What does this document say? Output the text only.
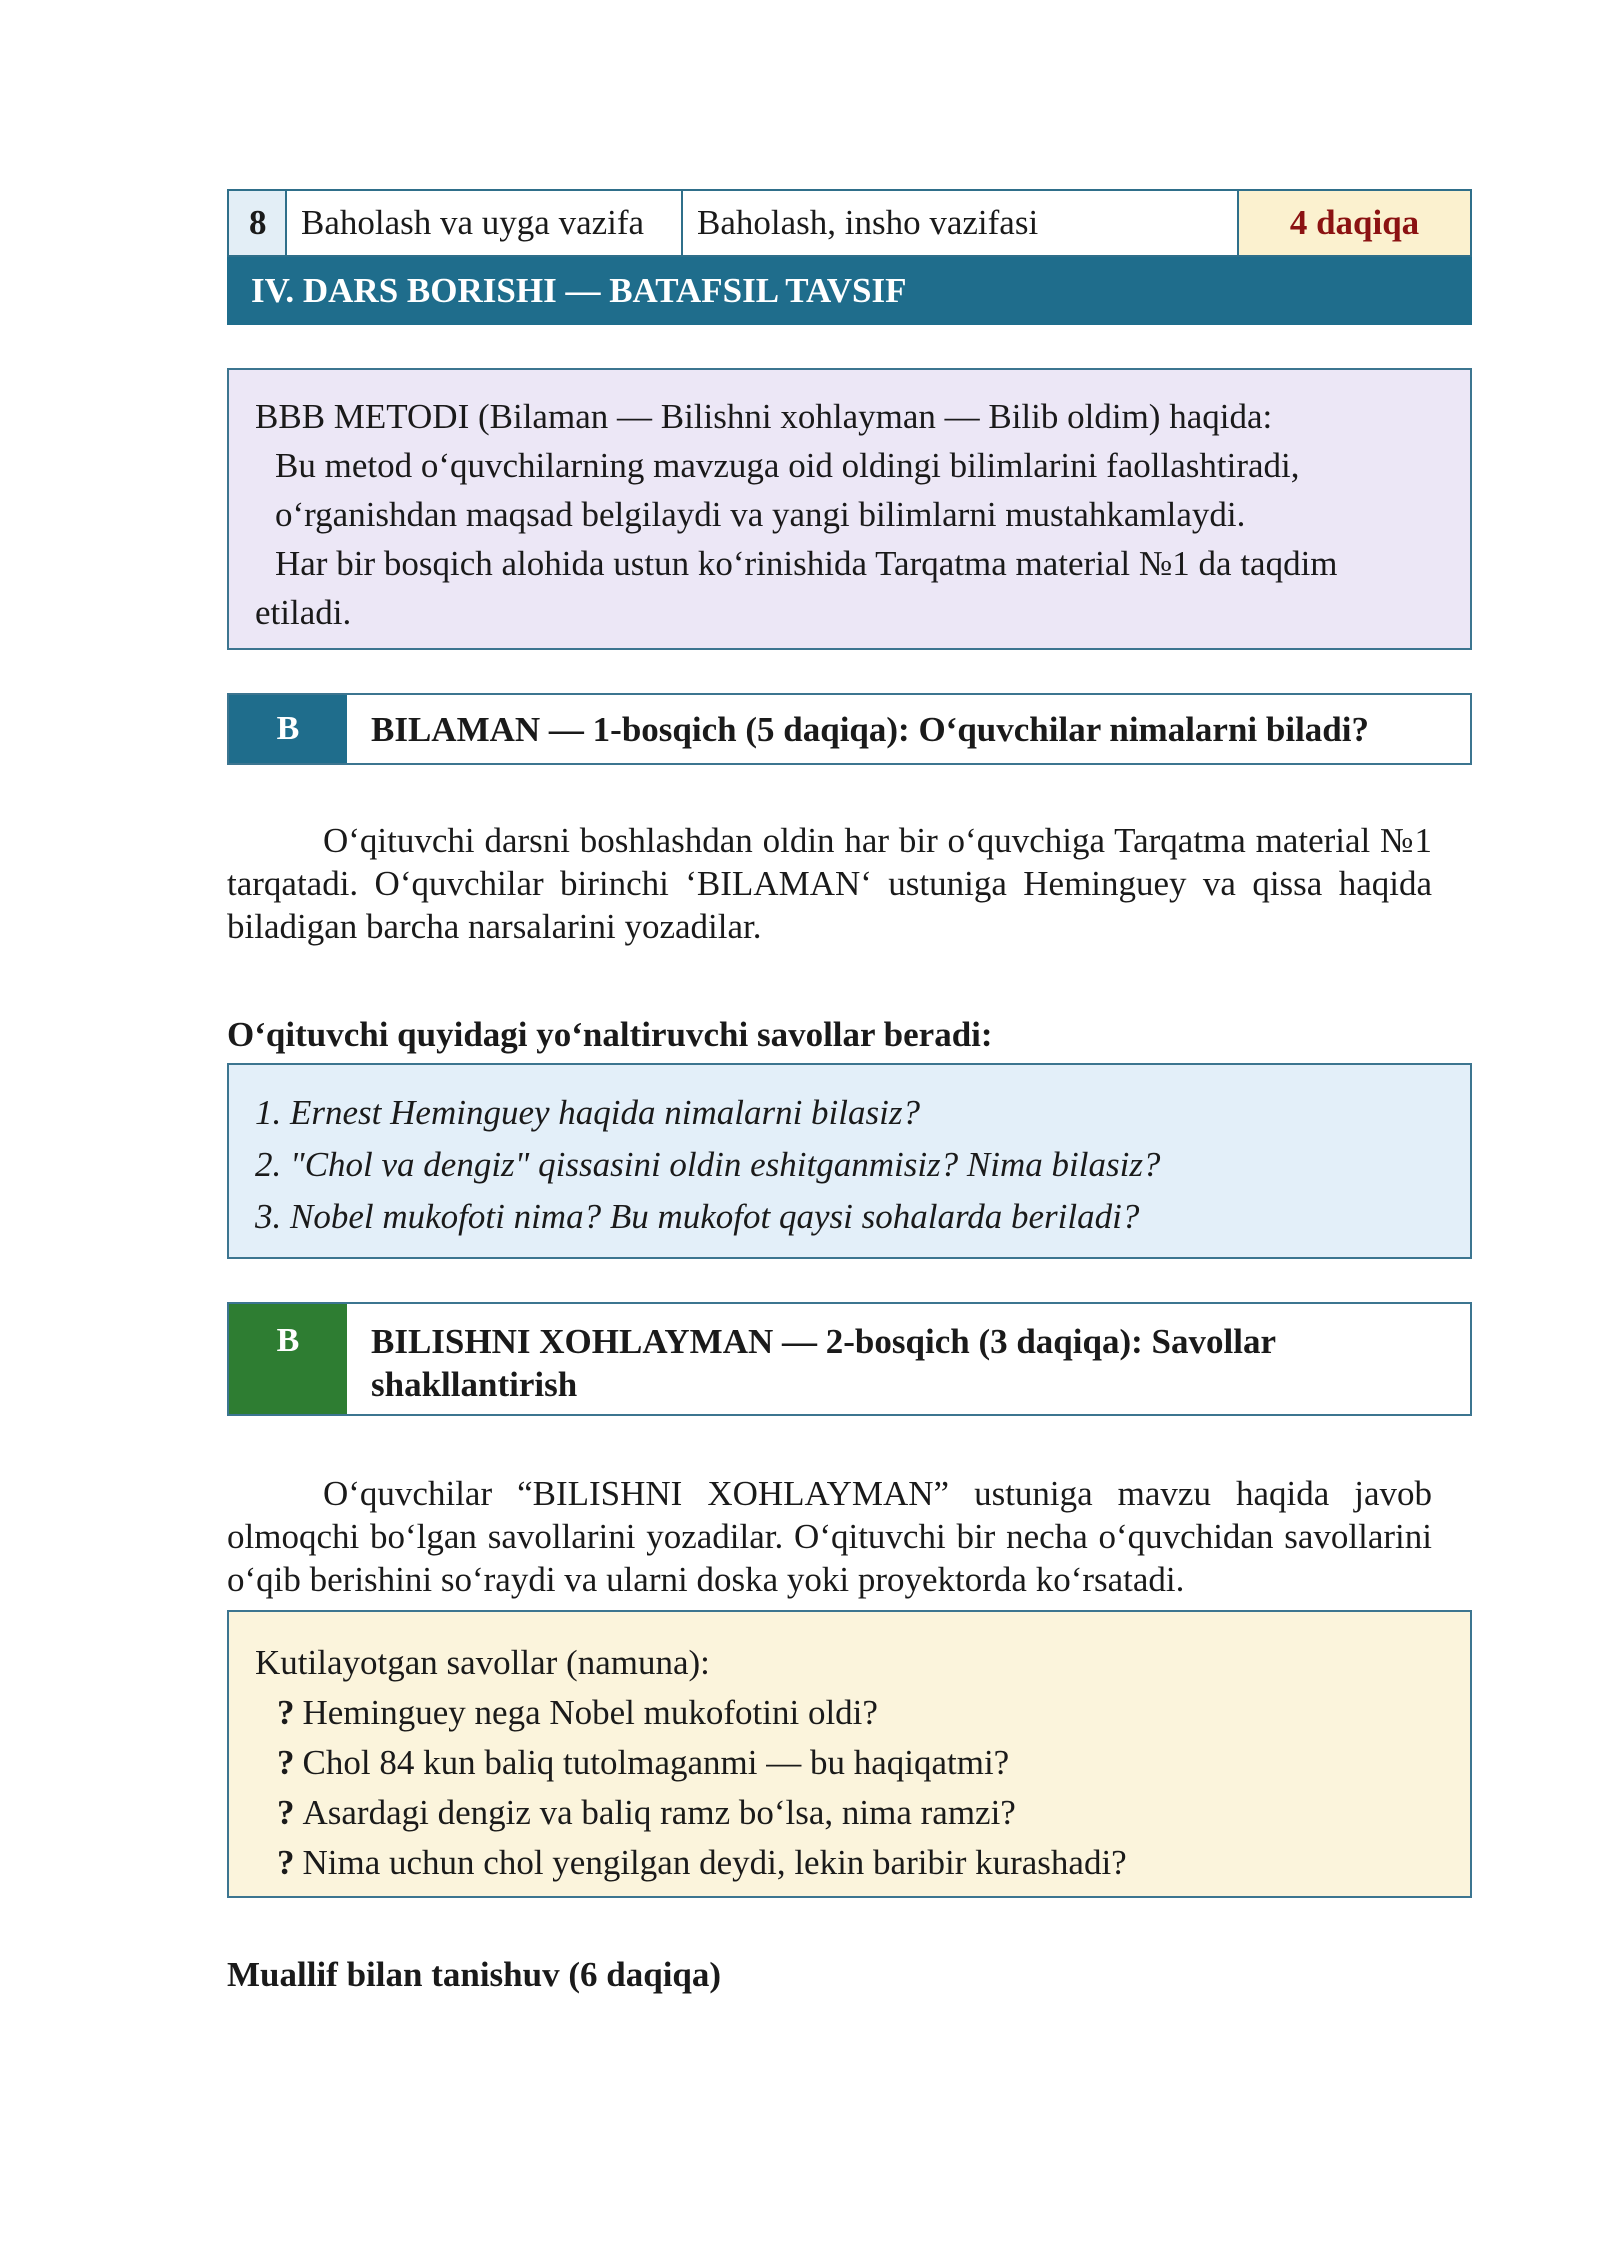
8 Baholash va uyga vazifa	Baholash, insho vazifasi	4 daqiqa
IV. DARS BORISHI — BATAFSIL TAVSIF
BBB METODI (Bilaman — Bilishni xohlayman — Bilib oldim) haqida:
Bu metod o‘quvchilarning mavzuga oid oldingi bilimlarini faollashtiradi,
o‘rganishdan maqsad belgilaydi va yangi bilimlarni mustahkamlaydi.
Har bir bosqich alohida ustun ko‘rinishida Tarqatma material №1 da taqdim
etiladi.
B	BILAMAN — 1-bosqich (5 daqiqa): O‘quvchilar nimalarni biladi?
O‘qituvchi darsni boshlashdan oldin har bir o‘quvchiga Tarqatma material №1 tarqatadi. O‘quvchilar birinchi ‘BILAMAN‘ ustuniga Heminguey va qissa haqida biladigan barcha narsalarini yozadilar.
O‘qituvchi quyidagi yo‘naltiruvchi savollar beradi:
1. Ernest Heminguey haqida nimalarni bilasiz?
2. "Chol va dengiz" qissasini oldin eshitganmisiz? Nima bilasiz?
3. Nobel mukofoti nima? Bu mukofot qaysi sohalarda beriladi?
B	BILISHNI XOHLAYMAN — 2-bosqich (3 daqiqa): Savollar shakllantirish
O‘quvchilar “BILISHNI XOHLAYMAN” ustuniga mavzu haqida javob olmoqchi bo‘lgan savollarini yozadilar. O‘qituvchi bir necha o‘quvchidan savollarini o‘qib berishini so‘raydi va ularni doska yoki proyektorda ko‘rsatadi.
Kutilayotgan savollar (namuna):
? Heminguey nega Nobel mukofotini oldi?
? Chol 84 kun baliq tutolmaganmi — bu haqiqatmi?
? Asardagi dengiz va baliq ramz bo‘lsa, nima ramzi?
? Nima uchun chol yengilgan deydi, lekin baribir kurashadi?
Muallif bilan tanishuv (6 daqiqa)
